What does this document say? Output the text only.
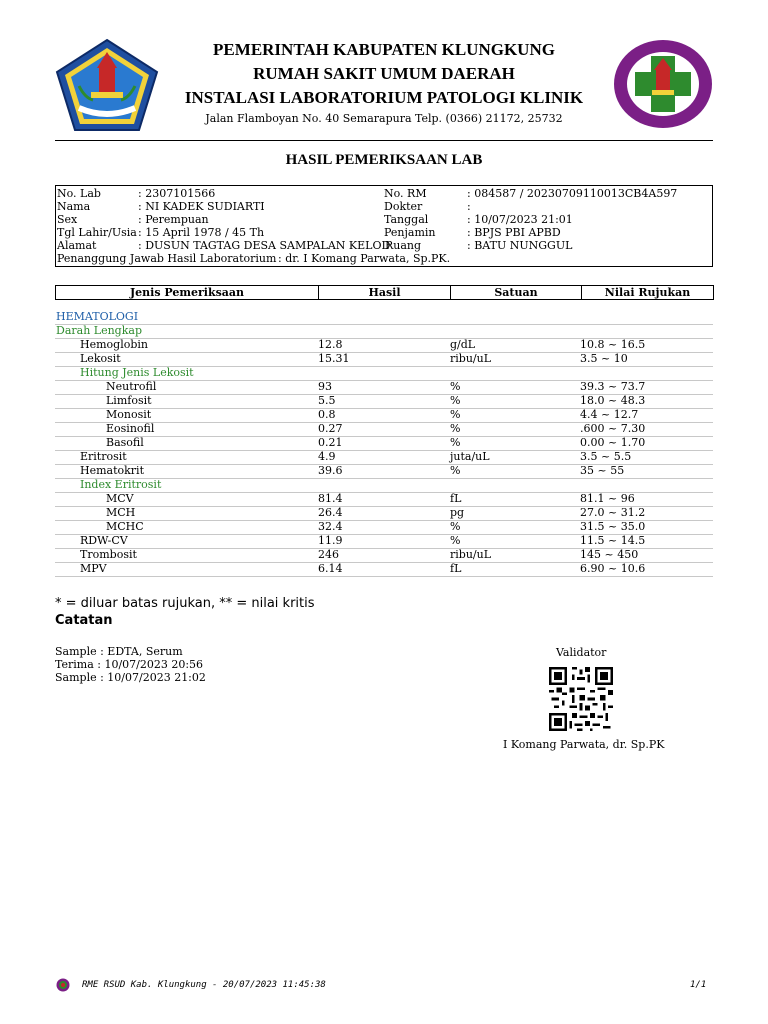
PEMERINTAH KABUPATEN KLUNGKUNG
RUMAH SAKIT UMUM DAERAH
INSTALASI LABORATORIUM PATOLOGI KLINIK
Jalan Flamboyan No. 40 Semarapura Telp. (0366) 21172, 25732
HASIL PEMERIKSAAN LAB
No. Lab	: 2307101566
Nama	: NI KADEK SUDIARTI
Sex	: Perempuan
Tgl Lahir/Usia : 15 April 1978 / 45 Th
Alamat	: DUSUN TAGTAG DESA SAMPALAN KELOD
Penanggung Jawab Hasil Laboratorium : dr. I Komang Parwata, Sp.PK.
No. RM	: 084587 / 20230709110013CB4A597
Dokter	:
Tanggal	: 10/07/2023 21:01
Penjamin	: BPJS PBI APBD
Ruang	: BATU NUNGGUL
Jenis Pemeriksaan	Hasil	Satuan	Nilai Rujukan
HEMATOLOGI
Darah Lengkap
Hemoglobin	12.8	g/dL	10.8 ~ 16.5
Lekosit	15.31	ribu/uL	3.5 ~ 10
Hitung Jenis Lekosit
Neutrofil	93	%	39.3 ~ 73.7
Limfosit	5.5	%	18.0 ~ 48.3
Monosit	0.8	%	4.4 ~ 12.7
Eosinofil	0.27	%	.600 ~ 7.30
Basofil	0.21	%	0.00 ~ 1.70
Eritrosit	4.9	juta/uL	3.5 ~ 5.5
Hematokrit	39.6	%	35 ~ 55
Index Eritrosit
MCV	81.4	fL	81.1 ~ 96
MCH	26.4	pg	27.0 ~ 31.2
MCHC	32.4	%	31.5 ~ 35.0
RDW-CV	11.9	%	11.5 ~ 14.5
Trombosit	246	ribu/uL	145 ~ 450
MPV	6.14	fL	6.90 ~ 10.6
* = diluar batas rujukan, ** = nilai kritis
Catatan
Sample : EDTA, Serum
Terima : 10/07/2023 20:56
Sample : 10/07/2023 21:02
Validator
I Komang Parwata, dr. Sp.PK
RME RSUD Kab. Klungkung - 20/07/2023 11:45:38	1/1
